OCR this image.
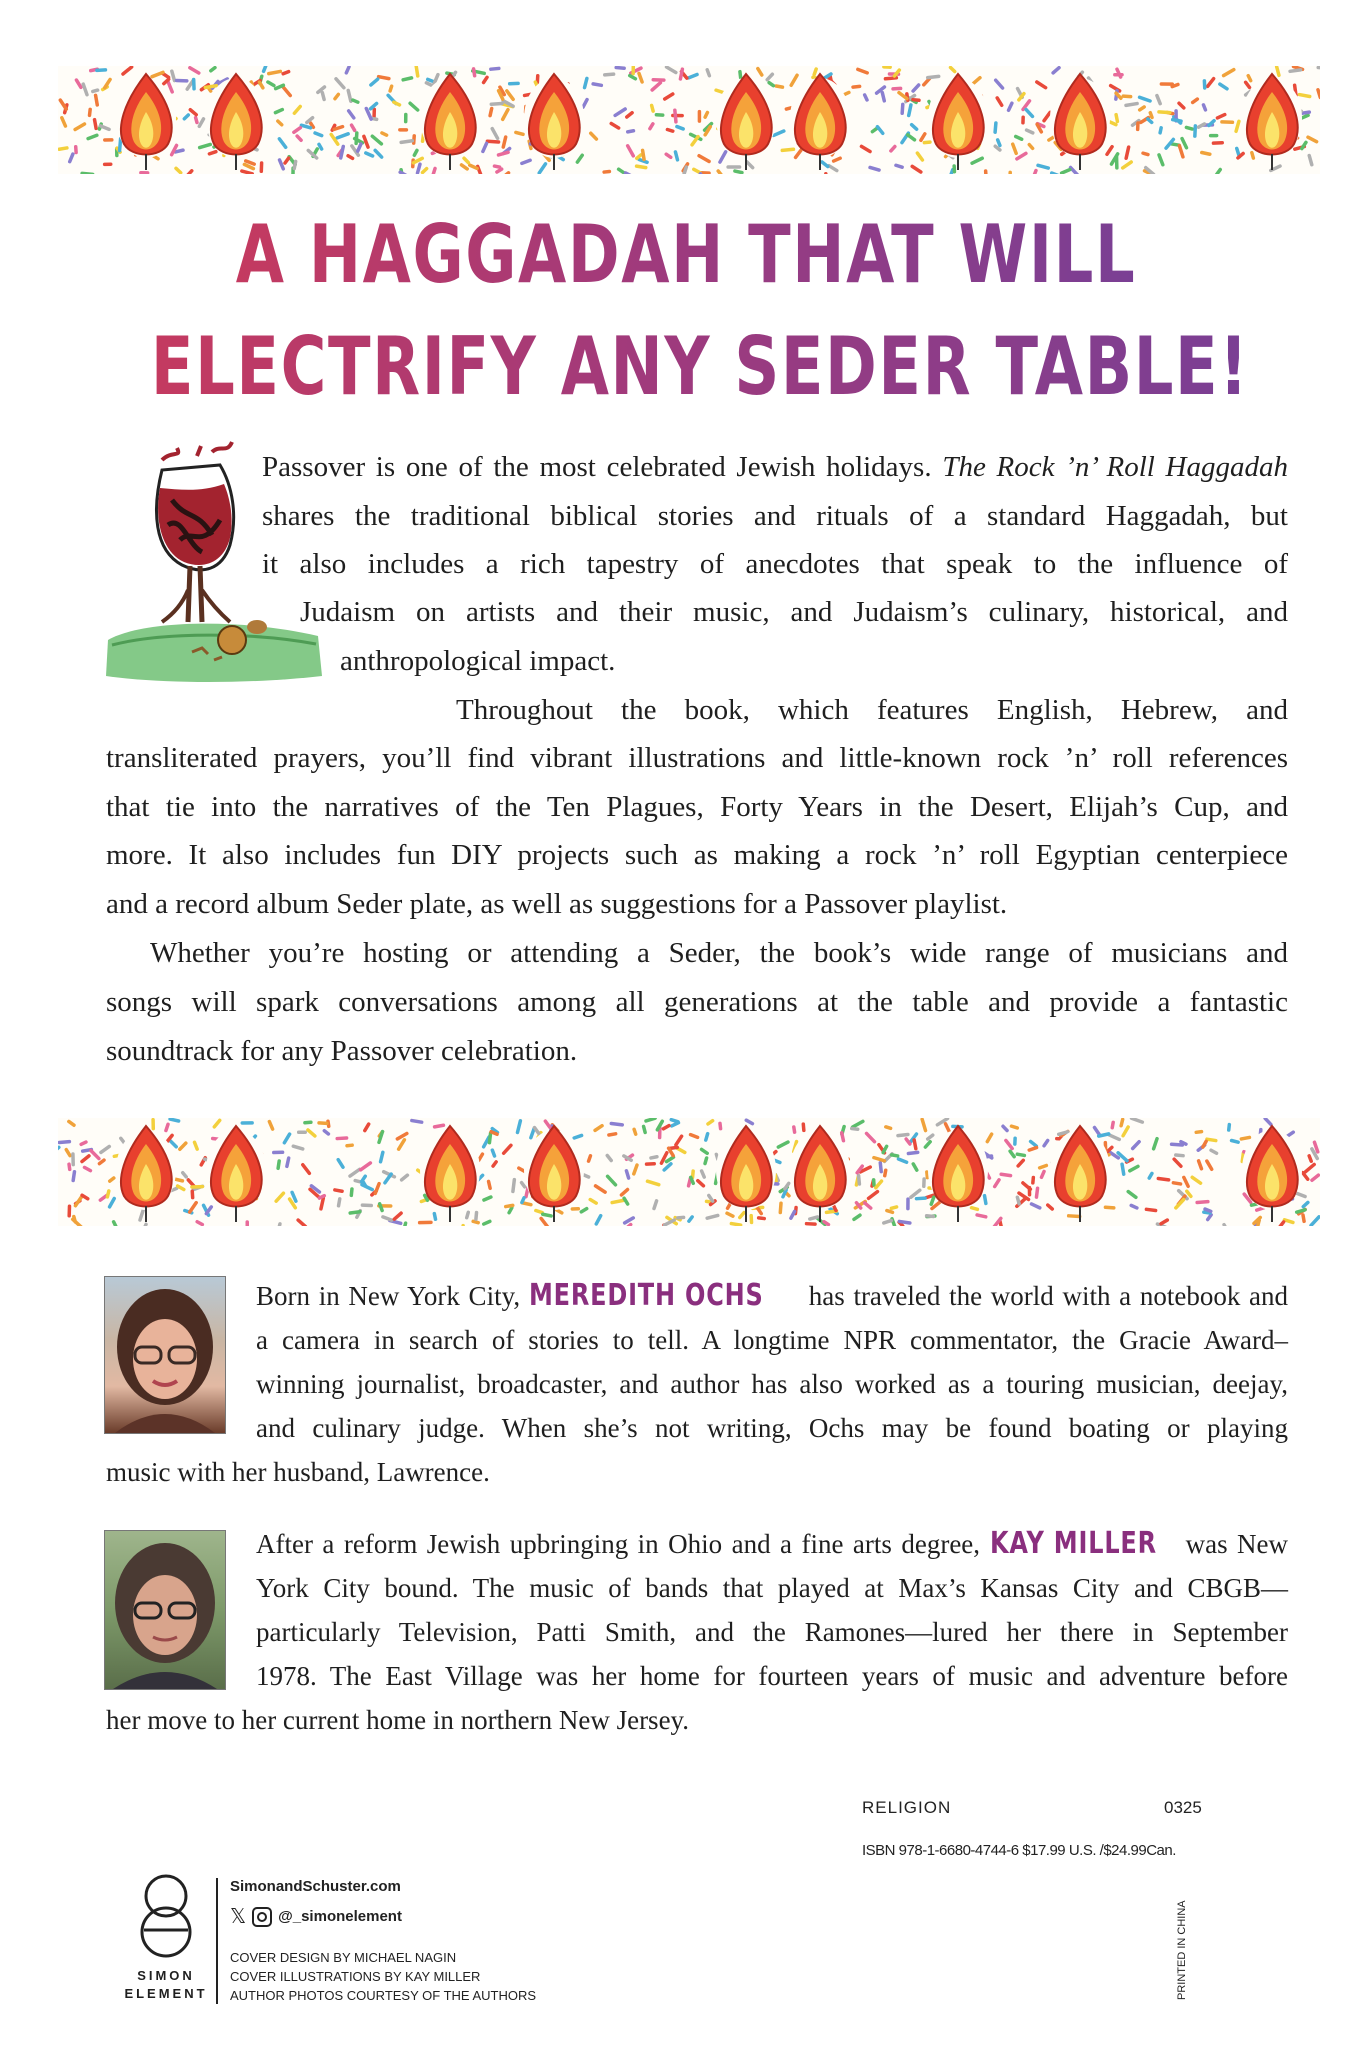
A HAGGADAH THAT WILL
ELECTRIFY ANY SEDER TABLE!
Passover is one of the most celebrated Jewish holidays. The Rock ’n’ Roll Haggadah
shares the traditional biblical stories and rituals of a standard Haggadah, but
it also includes a rich tapestry of anecdotes that speak to the influence of
Judaism on artists and their music, and Judaism’s culinary, historical, and
anthropological impact.
Throughout the book, which features English, Hebrew, and
transliterated prayers, you’ll find vibrant illustrations and little-known rock ’n’ roll references
that tie into the narratives of the Ten Plagues, Forty Years in the Desert, Elijah’s Cup, and
more. It also includes fun DIY projects such as making a rock ’n’ roll Egyptian centerpiece
and a record album Seder plate, as well as suggestions for a Passover playlist.
Whether you’re hosting or attending a Seder, the book’s wide range of musicians and
songs will spark conversations among all generations at the table and provide a fantastic
soundtrack for any Passover celebration.
Born in New York City, MEREDITH OCHS has traveled the world with a notebook and
a camera in search of stories to tell. A longtime NPR commentator, the Gracie Award–
winning journalist, broadcaster, and author has also worked as a touring musician, deejay,
and culinary judge. When she’s not writing, Ochs may be found boating or playing
music with her husband, Lawrence.
After a reform Jewish upbringing in Ohio and a fine arts degree, KAY MILLER was New
York City bound. The music of bands that played at Max’s Kansas City and CBGB—
particularly Television, Patti Smith, and the Ramones—lured her there in September
1978. The East Village was her home for fourteen years of music and adventure before
her move to her current home in northern New Jersey.
RELIGION	0325
ISBN 978-1-6680-4744-6 $17.99 U.S. /$24.99Can.
SIMON
ELEMENT
SimonandSchuster.com
𝕏 @_simonelement
COVER DESIGN BY MICHAEL NAGIN
COVER ILLUSTRATIONS BY KAY MILLER
AUTHOR PHOTOS COURTESY OF THE AUTHORS	PRINTED IN CHINA
